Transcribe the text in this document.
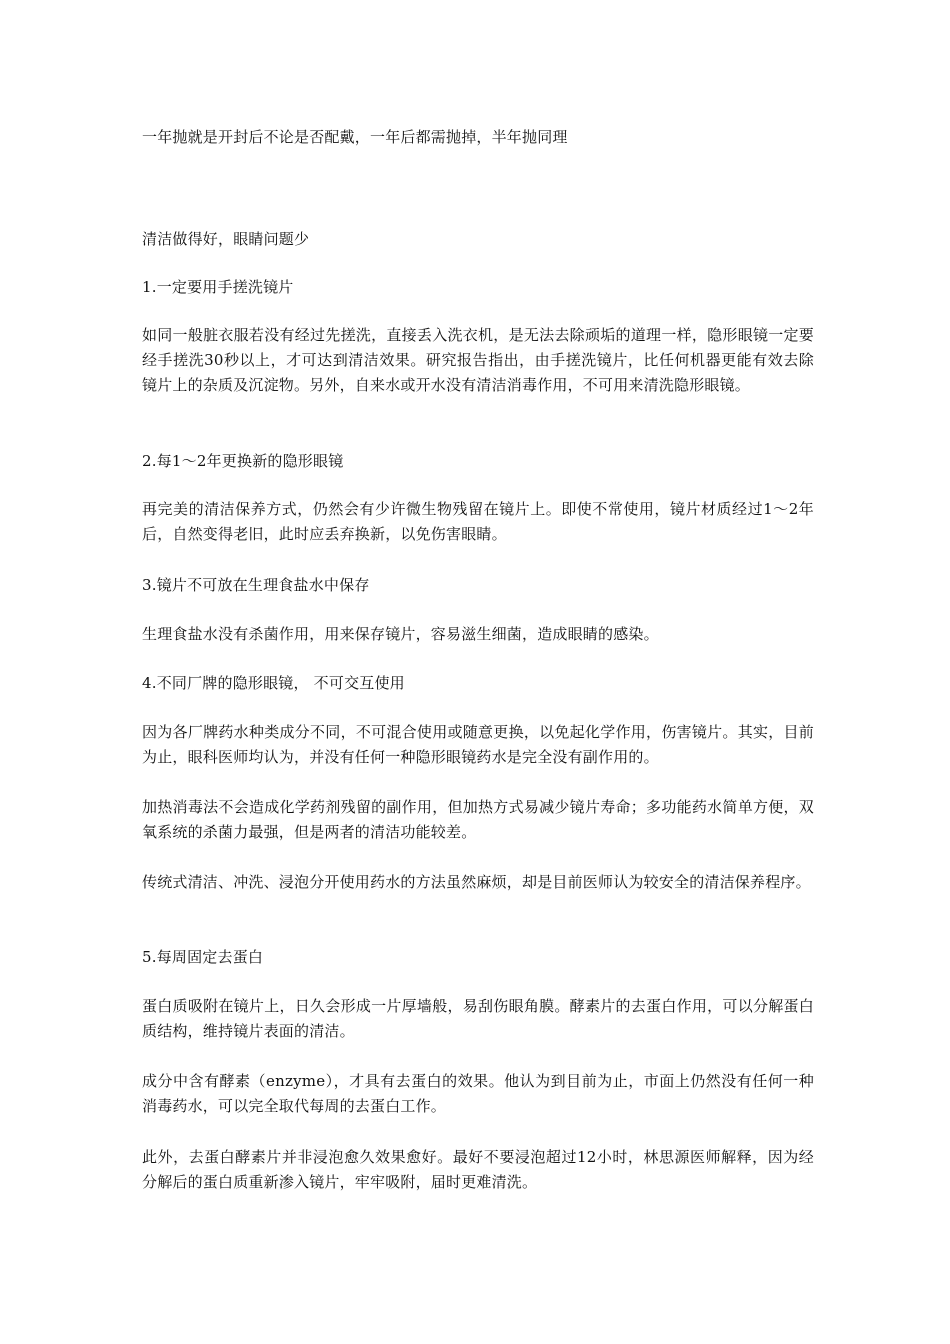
一年抛就是开封后不论是否配戴，一年后都需抛掉，半年抛同理

清洁做得好，眼睛问题少

1.一定要用手搓洗镜片

如同一般脏衣服若没有经过先搓洗，直接丢入洗衣机，是无法去除顽垢的道理一样，隐形眼镜一定要经手搓洗30秒以上，才可达到清洁效果。研究报告指出，由手搓洗镜片，比任何机器更能有效去除镜片上的杂质及沉淀物。另外，自来水或开水没有清洁消毒作用，不可用来清洗隐形眼镜。

2.每1～2年更换新的隐形眼镜

再完美的清洁保养方式，仍然会有少许微生物残留在镜片上。即使不常使用，镜片材质经过1～2年后，自然变得老旧，此时应丢弃换新，以免伤害眼睛。

3.镜片不可放在生理食盐水中保存

生理食盐水没有杀菌作用，用来保存镜片，容易滋生细菌，造成眼睛的感染。

4.不同厂牌的隐形眼镜， 不可交互使用

因为各厂牌药水种类成分不同，不可混合使用或随意更换，以免起化学作用，伤害镜片。其实，目前为止，眼科医师均认为，并没有任何一种隐形眼镜药水是完全没有副作用的。

加热消毒法不会造成化学药剂残留的副作用，但加热方式易减少镜片寿命；多功能药水简单方便，双氧系统的杀菌力最强，但是两者的清洁功能较差。

传统式清洁、冲洗、浸泡分开使用药水的方法虽然麻烦，却是目前医师认为较安全的清洁保养程序。

5.每周固定去蛋白

蛋白质吸附在镜片上，日久会形成一片厚墙般，易刮伤眼角膜。酵素片的去蛋白作用，可以分解蛋白质结构，维持镜片表面的清洁。

成分中含有酵素（enzyme），才具有去蛋白的效果。他认为到目前为止，市面上仍然没有任何一种消毒药水，可以完全取代每周的去蛋白工作。

此外，去蛋白酵素片并非浸泡愈久效果愈好。最好不要浸泡超过12小时，林思源医师解释，因为经分解后的蛋白质重新渗入镜片，牢牢吸附，届时更难清洗。
